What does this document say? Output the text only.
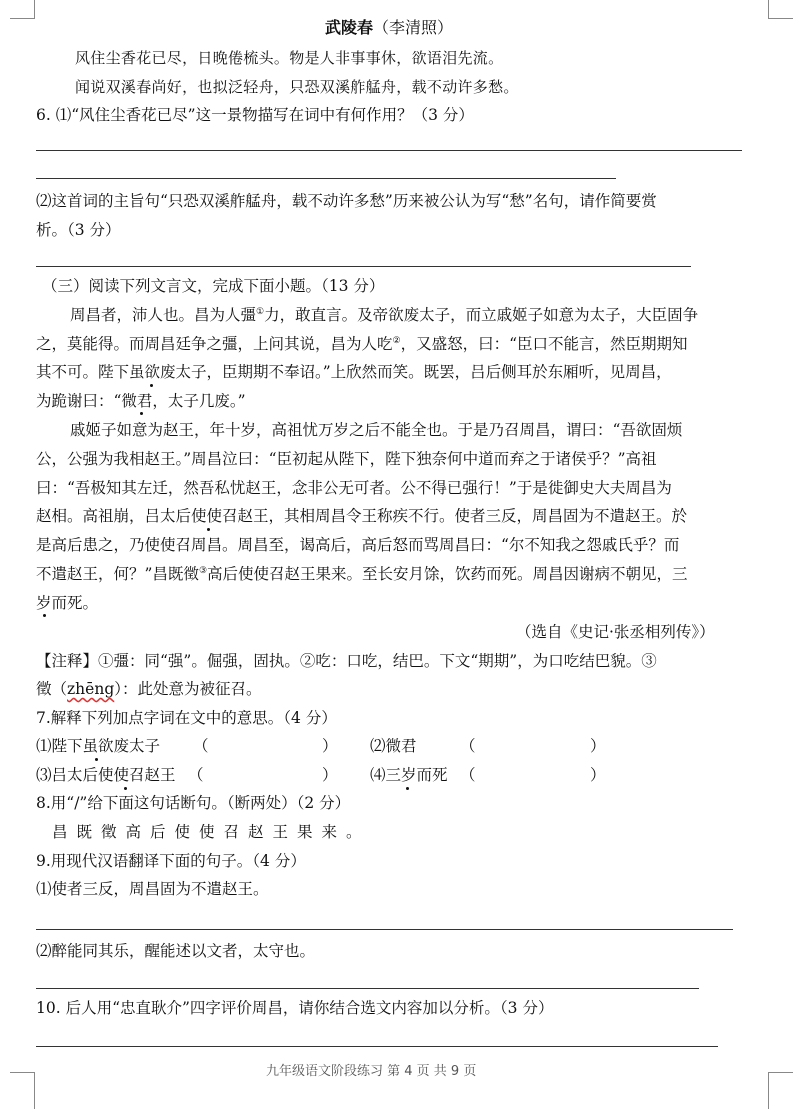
武陵春（李清照）
风住尘香花已尽，日晚倦梳头。物是人非事事休，欲语泪先流。
闻说双溪春尚好，也拟泛轻舟，只恐双溪舴艋舟，载不动许多愁。
6. ⑴“风住尘香花已尽”这一景物描写在词中有何作用？（3 分）
⑵这首词的主旨句“只恐双溪舴艋舟，载不动许多愁”历来被公认为写“愁”名句，请作简要赏
析。（3 分）
（三）阅读下列文言文，完成下面小题。（13 分）
周昌者，沛人也。昌为人彊①力，敢直言。及帝欲废太子，而立戚姬子如意为太子，大臣固争
之，莫能得。而周昌廷争之彊，上问其说，昌为人吃②，又盛怒，曰：“臣口不能言，然臣期期知
其不可。陛下虽欲废太子，臣期期不奉诏。”上欣然而笑。既罢，吕后侧耳於东厢听，见周昌，
为跪谢曰：“微君，太子几废。”
戚姬子如意为赵王，年十岁，高祖忧万岁之后不能全也。于是乃召周昌，谓曰：“吾欲固烦
公，公强为我相赵王。”周昌泣曰：“臣初起从陛下，陛下独奈何中道而弃之于诸侯乎？”高祖
曰：“吾极知其左迁，然吾私忧赵王，念非公无可者。公不得已强行！”于是徙御史大夫周昌为
赵相。高祖崩，吕太后使使召赵王，其相周昌令王称疾不行。使者三反，周昌固为不遣赵王。於
是高后患之，乃使使召周昌。周昌至，谒高后，高后怒而骂周昌曰：“尔不知我之怨戚氏乎？而
不遣赵王，何？”昌既徵③高后使使召赵王果来。至长安月馀，饮药而死。周昌因谢病不朝见，三
岁而死。
（选自《史记·张丞相列传》）
【注释】①彊：同“强”。倔强，固执。②吃：口吃，结巴。下文“期期”，为口吃结巴貌。③
徵（zhēng）：此处意为被征召。
7.解释下列加点字词在文中的意思。（4 分）
⑴陛下虽欲废太子 （	） ⑵微君	（	）
⑶吕太后使使召赵王 （	） ⑷三岁而死 （	）
8.用“/”给下面这句话断句。（断两处）（2 分）
昌既徵高后使使召赵王果来。
9.用现代汉语翻译下面的句子。（4 分）
⑴使者三反，周昌固为不遣赵王。
⑵醉能同其乐，醒能述以文者，太守也。
10. 后人用“忠直耿介”四字评价周昌，请你结合选文内容加以分析。（3 分）
九年级语文阶段练习 第 4 页 共 9 页
